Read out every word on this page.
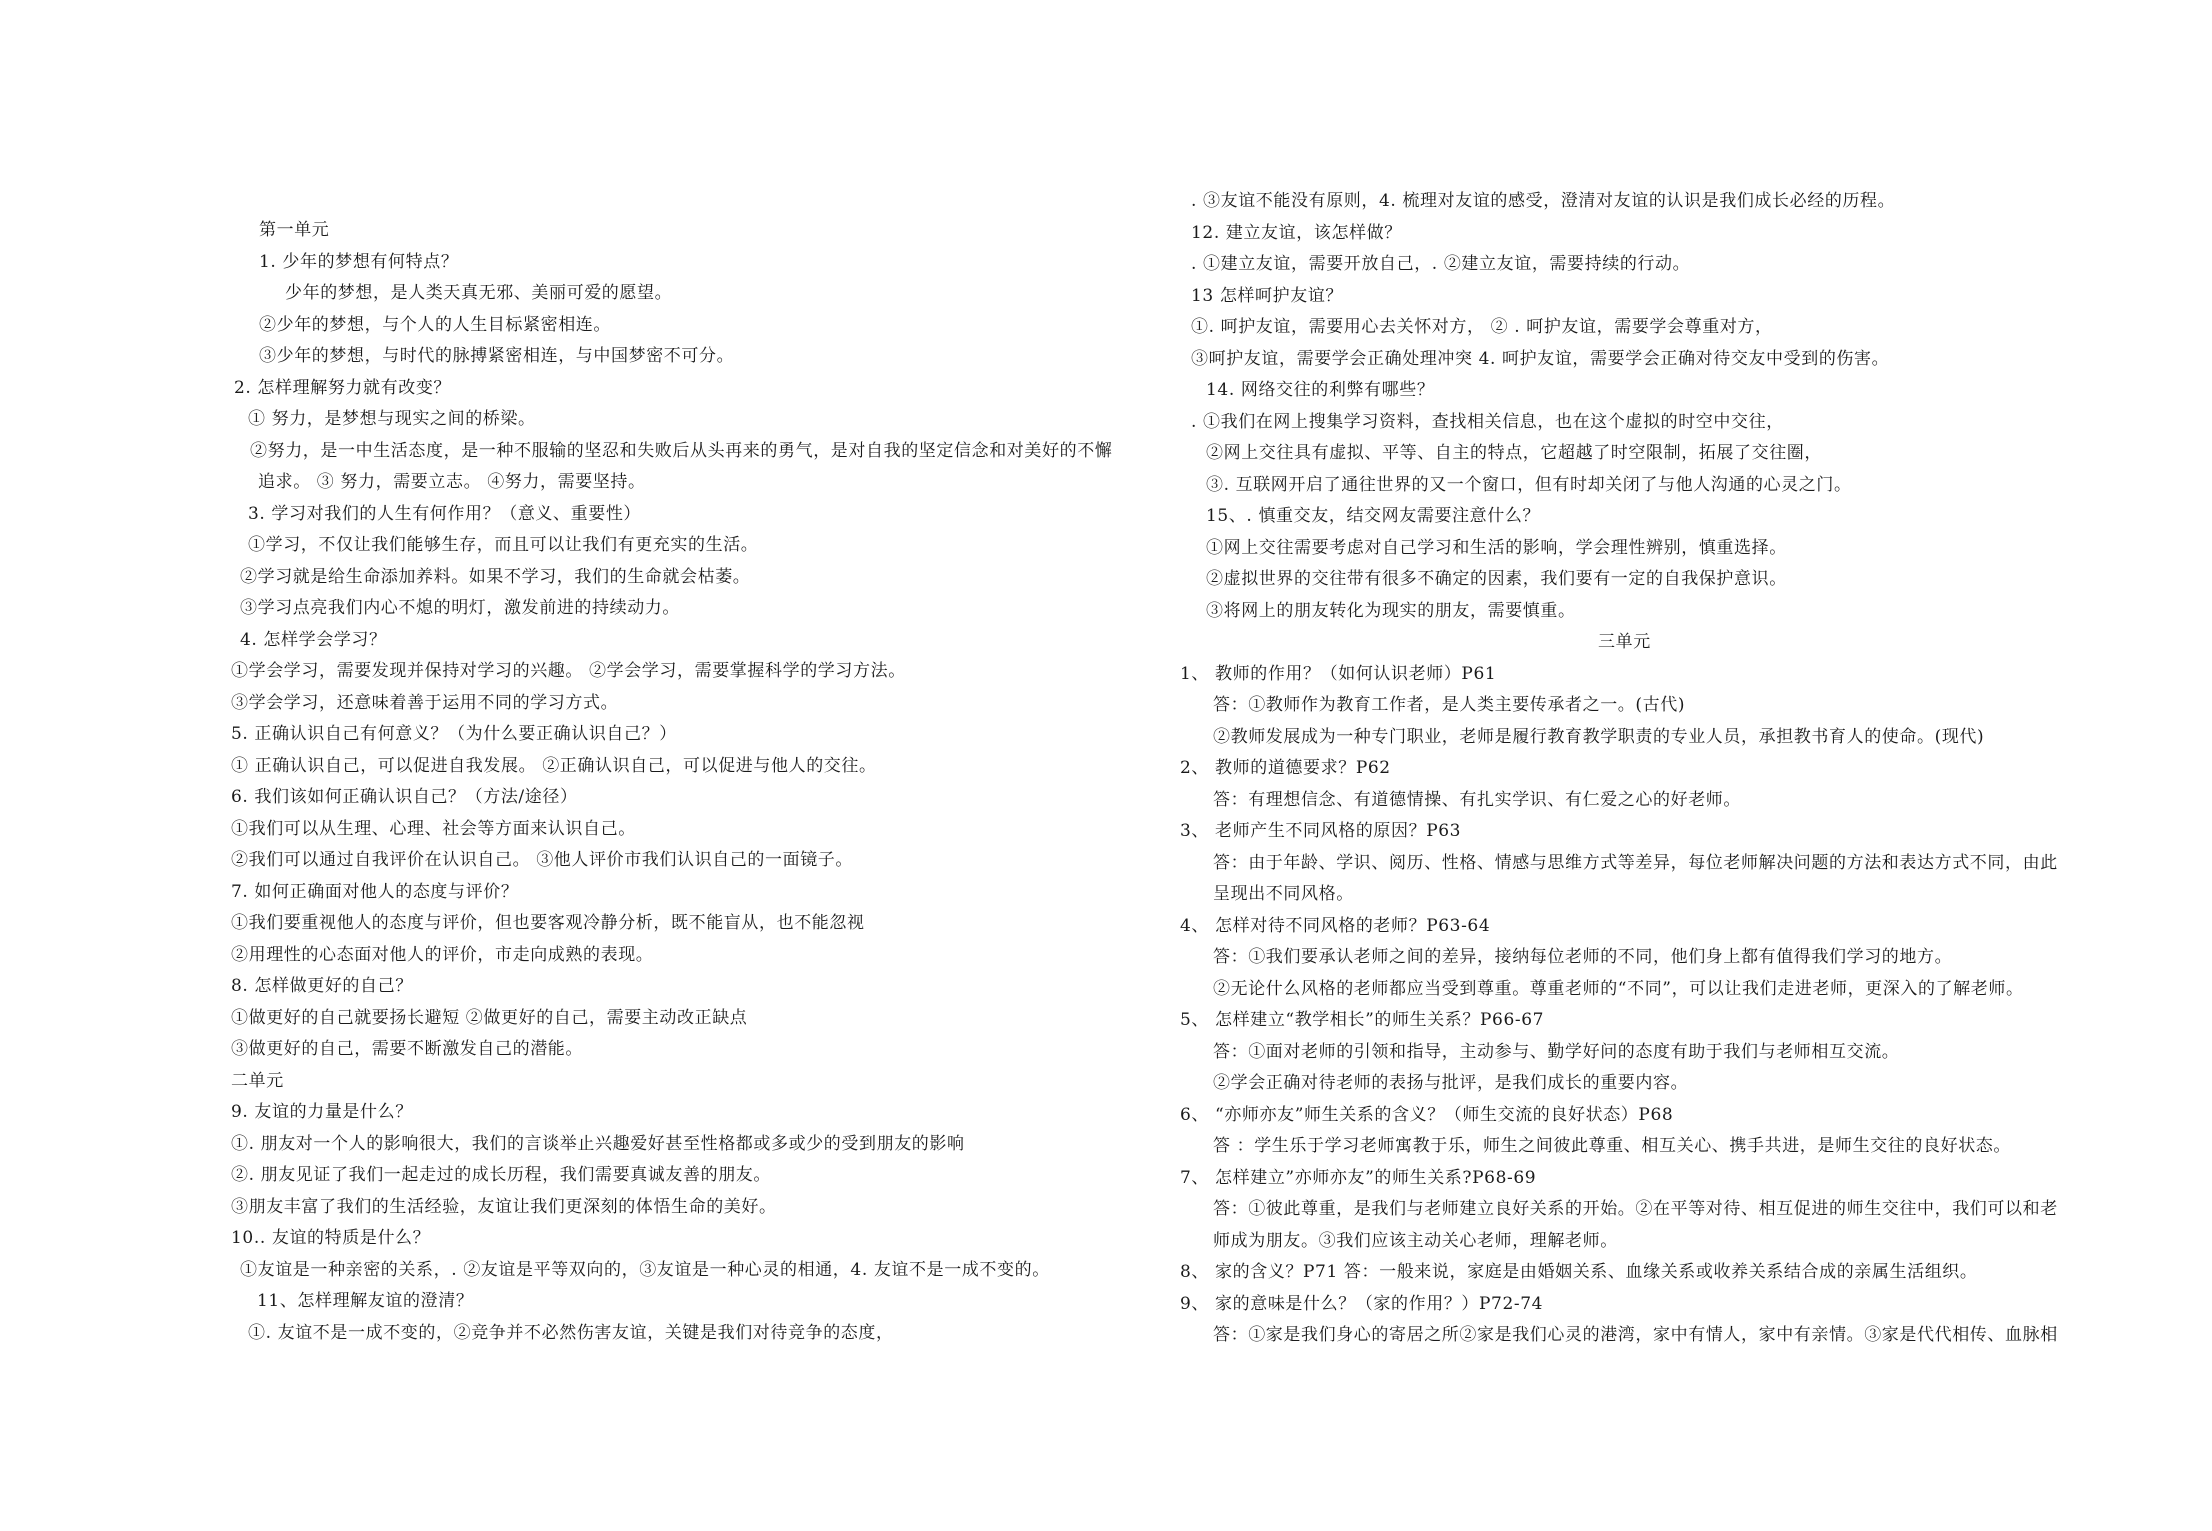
第一单元
1. 少年的梦想有何特点？
少年的梦想，是人类天真无邪、美丽可爱的愿望。
②少年的梦想，与个人的人生目标紧密相连。
③少年的梦想，与时代的脉搏紧密相连，与中国梦密不可分。
2. 怎样理解努力就有改变？
① 努力，是梦想与现实之间的桥梁。
②努力，是一中生活态度，是一种不服输的坚忍和失败后从头再来的勇气，是对自我的坚定信念和对美好的不懈
追求。 ③ 努力，需要立志。 ④努力，需要坚持。
3. 学习对我们的人生有何作用？（意义、重要性）
①学习，不仅让我们能够生存，而且可以让我们有更充实的生活。
②学习就是给生命添加养料。如果不学习，我们的生命就会枯萎。
③学习点亮我们内心不熄的明灯，激发前进的持续动力。
4. 怎样学会学习？
①学会学习，需要发现并保持对学习的兴趣。 ②学会学习，需要掌握科学的学习方法。
③学会学习，还意味着善于运用不同的学习方式。
5. 正确认识自己有何意义？（为什么要正确认识自己？）
① 正确认识自己，可以促进自我发展。 ②正确认识自己，可以促进与他人的交往。
6. 我们该如何正确认识自己？（方法/途径）
①我们可以从生理、心理、社会等方面来认识自己。
②我们可以通过自我评价在认识自己。 ③他人评价市我们认识自己的一面镜子。
7. 如何正确面对他人的态度与评价？
①我们要重视他人的态度与评价，但也要客观冷静分析，既不能盲从，也不能忽视
②用理性的心态面对他人的评价，市走向成熟的表现。
8. 怎样做更好的自己？
①做更好的自己就要扬长避短 ②做更好的自己，需要主动改正缺点
③做更好的自己，需要不断激发自己的潜能。
二单元
9. 友谊的力量是什么？
①. 朋友对一个人的影响很大，我们的言谈举止兴趣爱好甚至性格都或多或少的受到朋友的影响
②. 朋友见证了我们一起走过的成长历程，我们需要真诚友善的朋友。
③朋友丰富了我们的生活经验，友谊让我们更深刻的体悟生命的美好。
10.. 友谊的特质是什么？
①友谊是一种亲密的关系，. ②友谊是平等双向的，③友谊是一种心灵的相通，4. 友谊不是一成不变的。
11、怎样理解友谊的澄清？
①. 友谊不是一成不变的，②竞争并不必然伤害友谊，关键是我们对待竞争的态度，
. ③友谊不能没有原则，4. 梳理对友谊的感受，澄清对友谊的认识是我们成长必经的历程。
12. 建立友谊，该怎样做？
. ①建立友谊，需要开放自己，. ②建立友谊，需要持续的行动。
13 怎样呵护友谊？
①. 呵护友谊，需要用心去关怀对方， ② . 呵护友谊，需要学会尊重对方，
③呵护友谊，需要学会正确处理冲突 4. 呵护友谊，需要学会正确对待交友中受到的伤害。
14. 网络交往的利弊有哪些？
. ①我们在网上搜集学习资料，查找相关信息，也在这个虚拟的时空中交往，
②网上交往具有虚拟、平等、自主的特点，它超越了时空限制，拓展了交往圈，
③. 互联网开启了通往世界的又一个窗口，但有时却关闭了与他人沟通的心灵之门。
15、. 慎重交友，结交网友需要注意什么？
①网上交往需要考虑对自己学习和生活的影响，学会理性辨别，慎重选择。
②虚拟世界的交往带有很多不确定的因素，我们要有一定的自我保护意识。
③将网上的朋友转化为现实的朋友，需要慎重。
三单元
1、 教师的作用？（如何认识老师）P61
答：①教师作为教育工作者，是人类主要传承者之一。(古代)
②教师发展成为一种专门职业，老师是履行教育教学职责的专业人员，承担教书育人的使命。(现代)
2、 教师的道德要求？P62
答：有理想信念、有道德情操、有扎实学识、有仁爱之心的好老师。
3、 老师产生不同风格的原因？P63
答：由于年龄、学识、阅历、性格、情感与思维方式等差异，每位老师解决问题的方法和表达方式不同，由此
呈现出不同风格。
4、 怎样对待不同风格的老师？P63-64
答：①我们要承认老师之间的差异，接纳每位老师的不同，他们身上都有值得我们学习的地方。
②无论什么风格的老师都应当受到尊重。尊重老师的“不同”，可以让我们走进老师，更深入的了解老师。
5、 怎样建立“教学相长”的师生关系？P66-67
答：①面对老师的引领和指导，主动参与、勤学好问的态度有助于我们与老师相互交流。
②学会正确对待老师的表扬与批评，是我们成长的重要内容。
6、 “亦师亦友”师生关系的含义？（师生交流的良好状态）P68
答 ：学生乐于学习老师寓教于乐，师生之间彼此尊重、相互关心、携手共进，是师生交往的良好状态。
7、 怎样建立”亦师亦友”的师生关系?P68-69
答：①彼此尊重，是我们与老师建立良好关系的开始。②在平等对待、相互促进的师生交往中，我们可以和老
师成为朋友。③我们应该主动关心老师，理解老师。
8、 家的含义？P71 答：一般来说，家庭是由婚姻关系、血缘关系或收养关系结合成的亲属生活组织。
9、 家的意味是什么？（家的作用？）P72-74
答：①家是我们身心的寄居之所②家是我们心灵的港湾，家中有情人，家中有亲情。③家是代代相传、血脉相
